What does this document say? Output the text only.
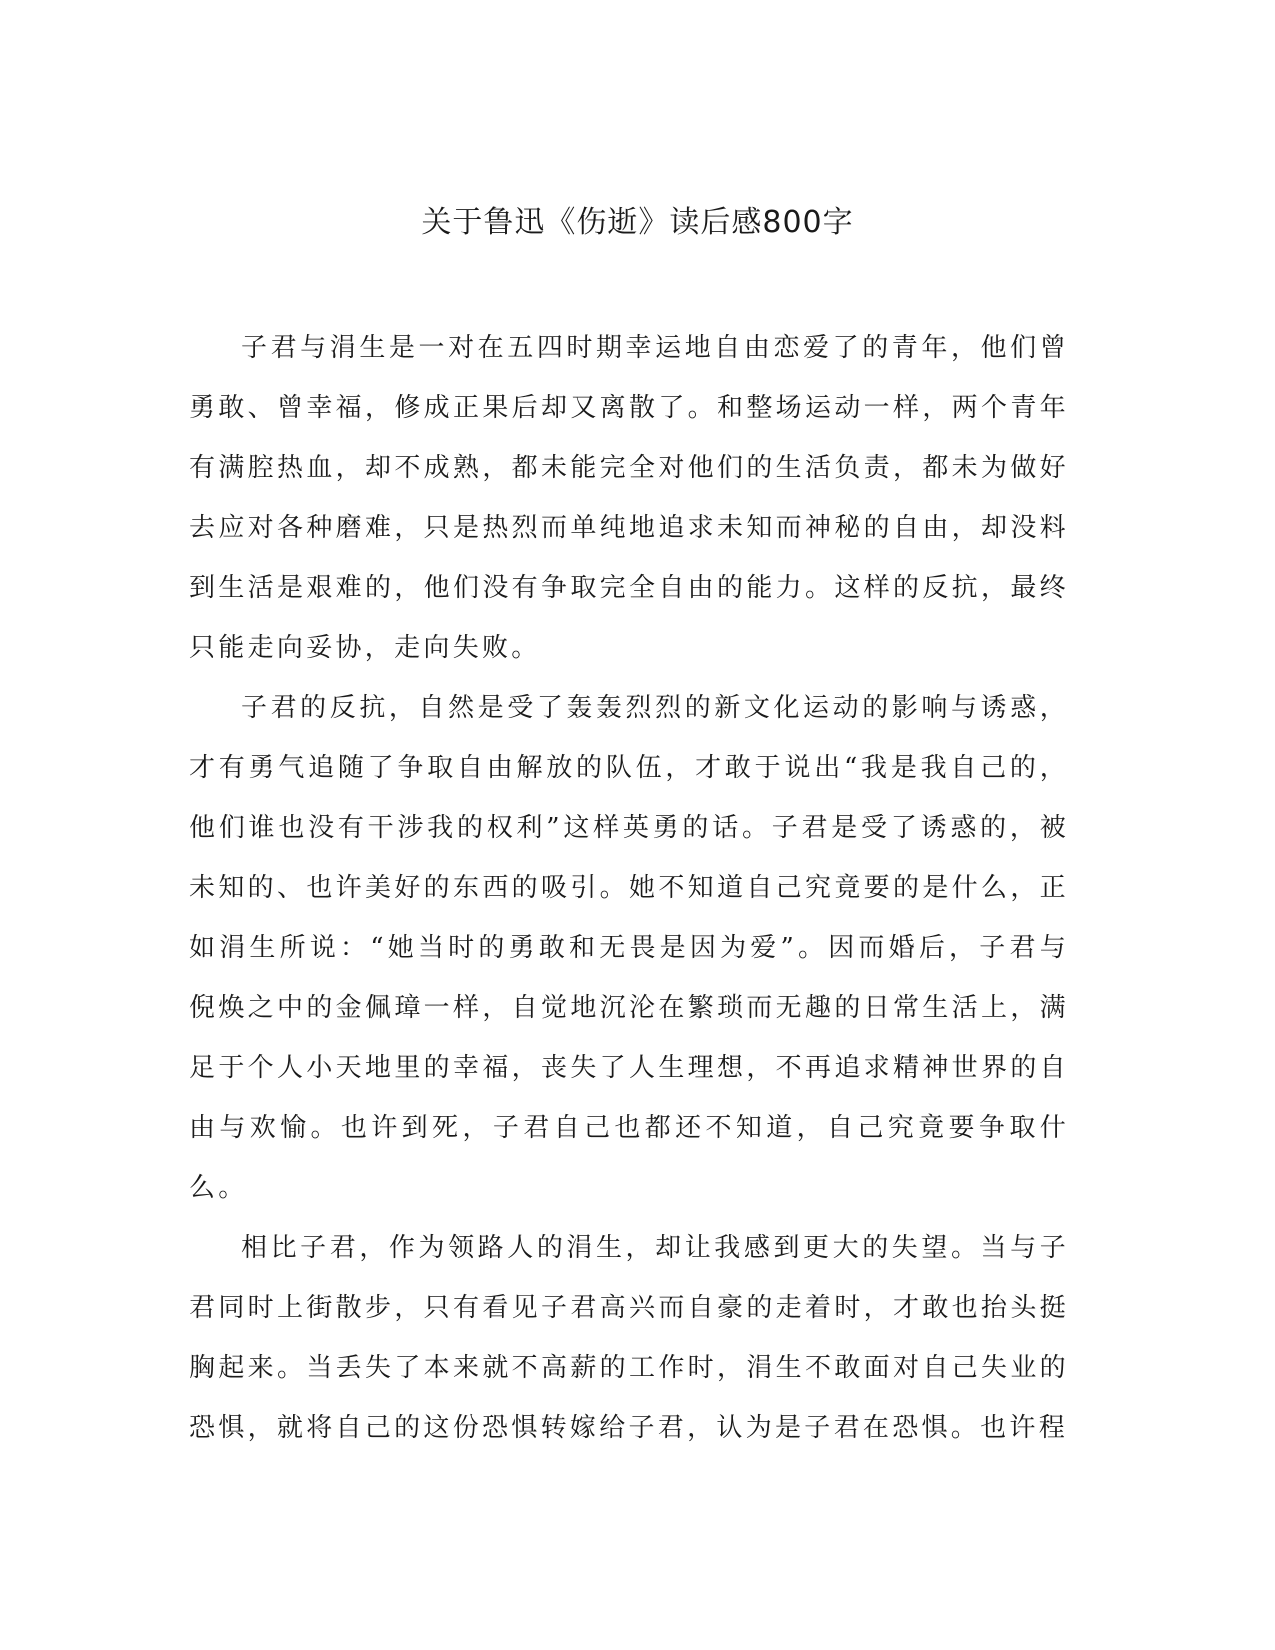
关于鲁迅《伤逝》读后感800字

子君与涓生是一对在五四时期幸运地自由恋爱了的青年，他们曾勇敢、曾幸福，修成正果后却又离散了。和整场运动一样，两个青年有满腔热血，却不成熟，都未能完全对他们的生活负责，都未为做好去应对各种磨难，只是热烈而单纯地追求未知而神秘的自由，却没料到生活是艰难的，他们没有争取完全自由的能力。这样的反抗，最终只能走向妥协，走向失败。

子君的反抗，自然是受了轰轰烈烈的新文化运动的影响与诱惑，才有勇气追随了争取自由解放的队伍，才敢于说出“我是我自己的，他们谁也没有干涉我的权利”这样英勇的话。子君是受了诱惑的，被未知的、也许美好的东西的吸引。她不知道自己究竟要的是什么，正如涓生所说：“她当时的勇敢和无畏是因为爱”。因而婚后，子君与倪焕之中的金佩璋一样，自觉地沉沦在繁琐而无趣的日常生活上，满足于个人小天地里的幸福，丧失了人生理想，不再追求精神世界的自由与欢愉。也许到死，子君自己也都还不知道，自己究竟要争取什么。

相比子君，作为领路人的涓生，却让我感到更大的失望。当与子君同时上街散步，只有看见子君高兴而自豪的走着时，才敢也抬头挺胸起来。当丢失了本来就不高薪的工作时，涓生不敢面对自己失业的恐惧，就将自己的这份恐惧转嫁给子君，认为是子君在恐惧。也许程
